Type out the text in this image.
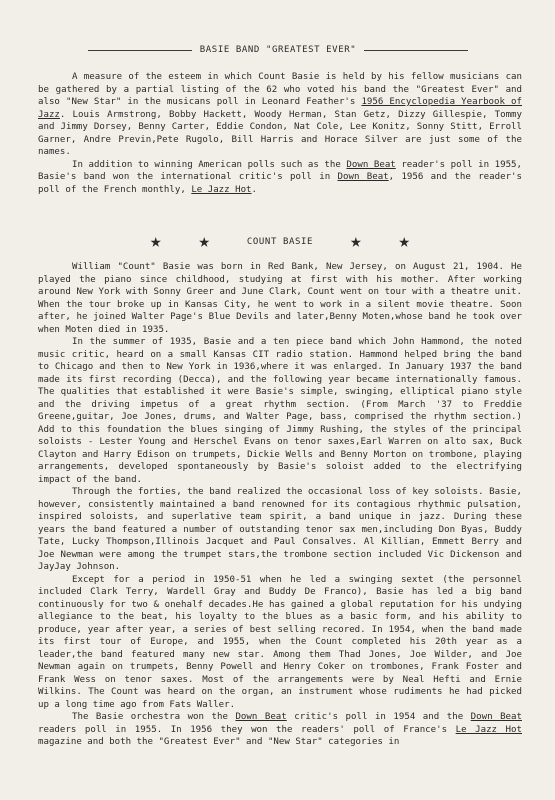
BASIE BAND "GREATEST EVER"

A measure of the esteem in which Count Basie is held by his fellow musicians can be gathered by a partial listing of the 62 who voted his band the "Greatest Ever" and also "New Star" in the musicans poll in Leonard Feather's 1956 Encyclopedia Yearbook of Jazz. Louis Armstrong, Bobby Hackett, Woody Herman, Stan Getz, Dizzy Gillespie, Tommy and Jimmy Dorsey, Benny Carter, Eddie Condon, Nat Cole, Lee Konitz, Sonny Stitt, Erroll Garner, Andre Previn,Pete Rugolo, Bill Harris and Horace Silver are just some of the names.

In addition to winning American polls such as the Down Beat reader's poll in 1955, Basie's band won the international critic's poll in Down Beat, 1956 and the reader's poll of the French monthly, Le Jazz Hot.

★ ★	COUNT BASIE ★ ★

William "Count" Basie was born in Red Bank, New Jersey, on August 21, 1904. He played the piano since childhood, studying at first with his mother. After working around New York with Sonny Greer and June Clark, Count went on tour with a theatre unit. When the tour broke up in Kansas City, he went to work in a silent movie theatre. Soon after, he joined Walter Page's Blue Devils and later,Benny Moten,whose band he took over when Moten died in 1935.

In the summer of 1935, Basie and a ten piece band which John Hammond, the noted music critic, heard on a small Kansas CIT radio station. Hammond helped bring the band to Chicago and then to New York in 1936,where it was enlarged. In January 1937 the band made its first recording (Decca), and the following year became internationally famous. The qualities that established it were Basie's simple, swinging, elliptical piano style and the driving impetus of a great rhythm section. (From March '37 to Freddie Greene,guitar, Joe Jones, drums, and Walter Page, bass, comprised the rhythm section.) Add to this foundation the blues singing of Jimmy Rushing, the styles of the principal soloists - Lester Young and Herschel Evans on tenor saxes,Earl Warren on alto sax, Buck Clayton and Harry Edison on trumpets, Dickie Wells and Benny Morton on trombone, playing arrangements, developed spontaneously by Basie's soloist added to the electrifying impact of the band.

Through the forties, the band realized the occasional loss of key soloists. Basie, however, consistently maintained a band renowned for its contagious rhythmic pulsation, inspired soloists, and superlative team spirit, a band unique in jazz. During these years the band featured a number of outstanding tenor sax men,including Don Byas, Buddy Tate, Lucky Thompson,Illinois Jacquet and Paul Consalves. Al Killian, Emmett Berry and Joe Newman were among the trumpet stars,the trombone section included Vic Dickenson and JayJay Johnson.

Except for a period in 1950-51 when he led a swinging sextet (the personnel included Clark Terry, Wardell Gray and Buddy De Franco), Basie has led a big band continuously for two & onehalf decades.He has gained a global reputation for his undying allegiance to the beat, his loyalty to the blues as a basic form, and his ability to produce, year after year, a series of best selling recored. In 1954, when the band made its first tour of Europe, and 1955, when the Count completed his 20th year as a leader,the band featured many new star. Among them Thad Jones, Joe Wilder, and Joe Newman again on trumpets, Benny Powell and Henry Coker on trombones, Frank Foster and Frank Wess on tenor saxes. Most of the arrangements were by Neal Hefti and Ernie Wilkins. The Count was heard on the organ, an instrument whose rudiments he had picked up a long time ago from Fats Waller.

The Basie orchestra won the Down Beat critic's poll in 1954 and the Down Beat readers poll in 1955. In 1956 they won the readers' poll of France's Le Jazz Hot magazine and both the "Greatest Ever" and "New Star" categories in
